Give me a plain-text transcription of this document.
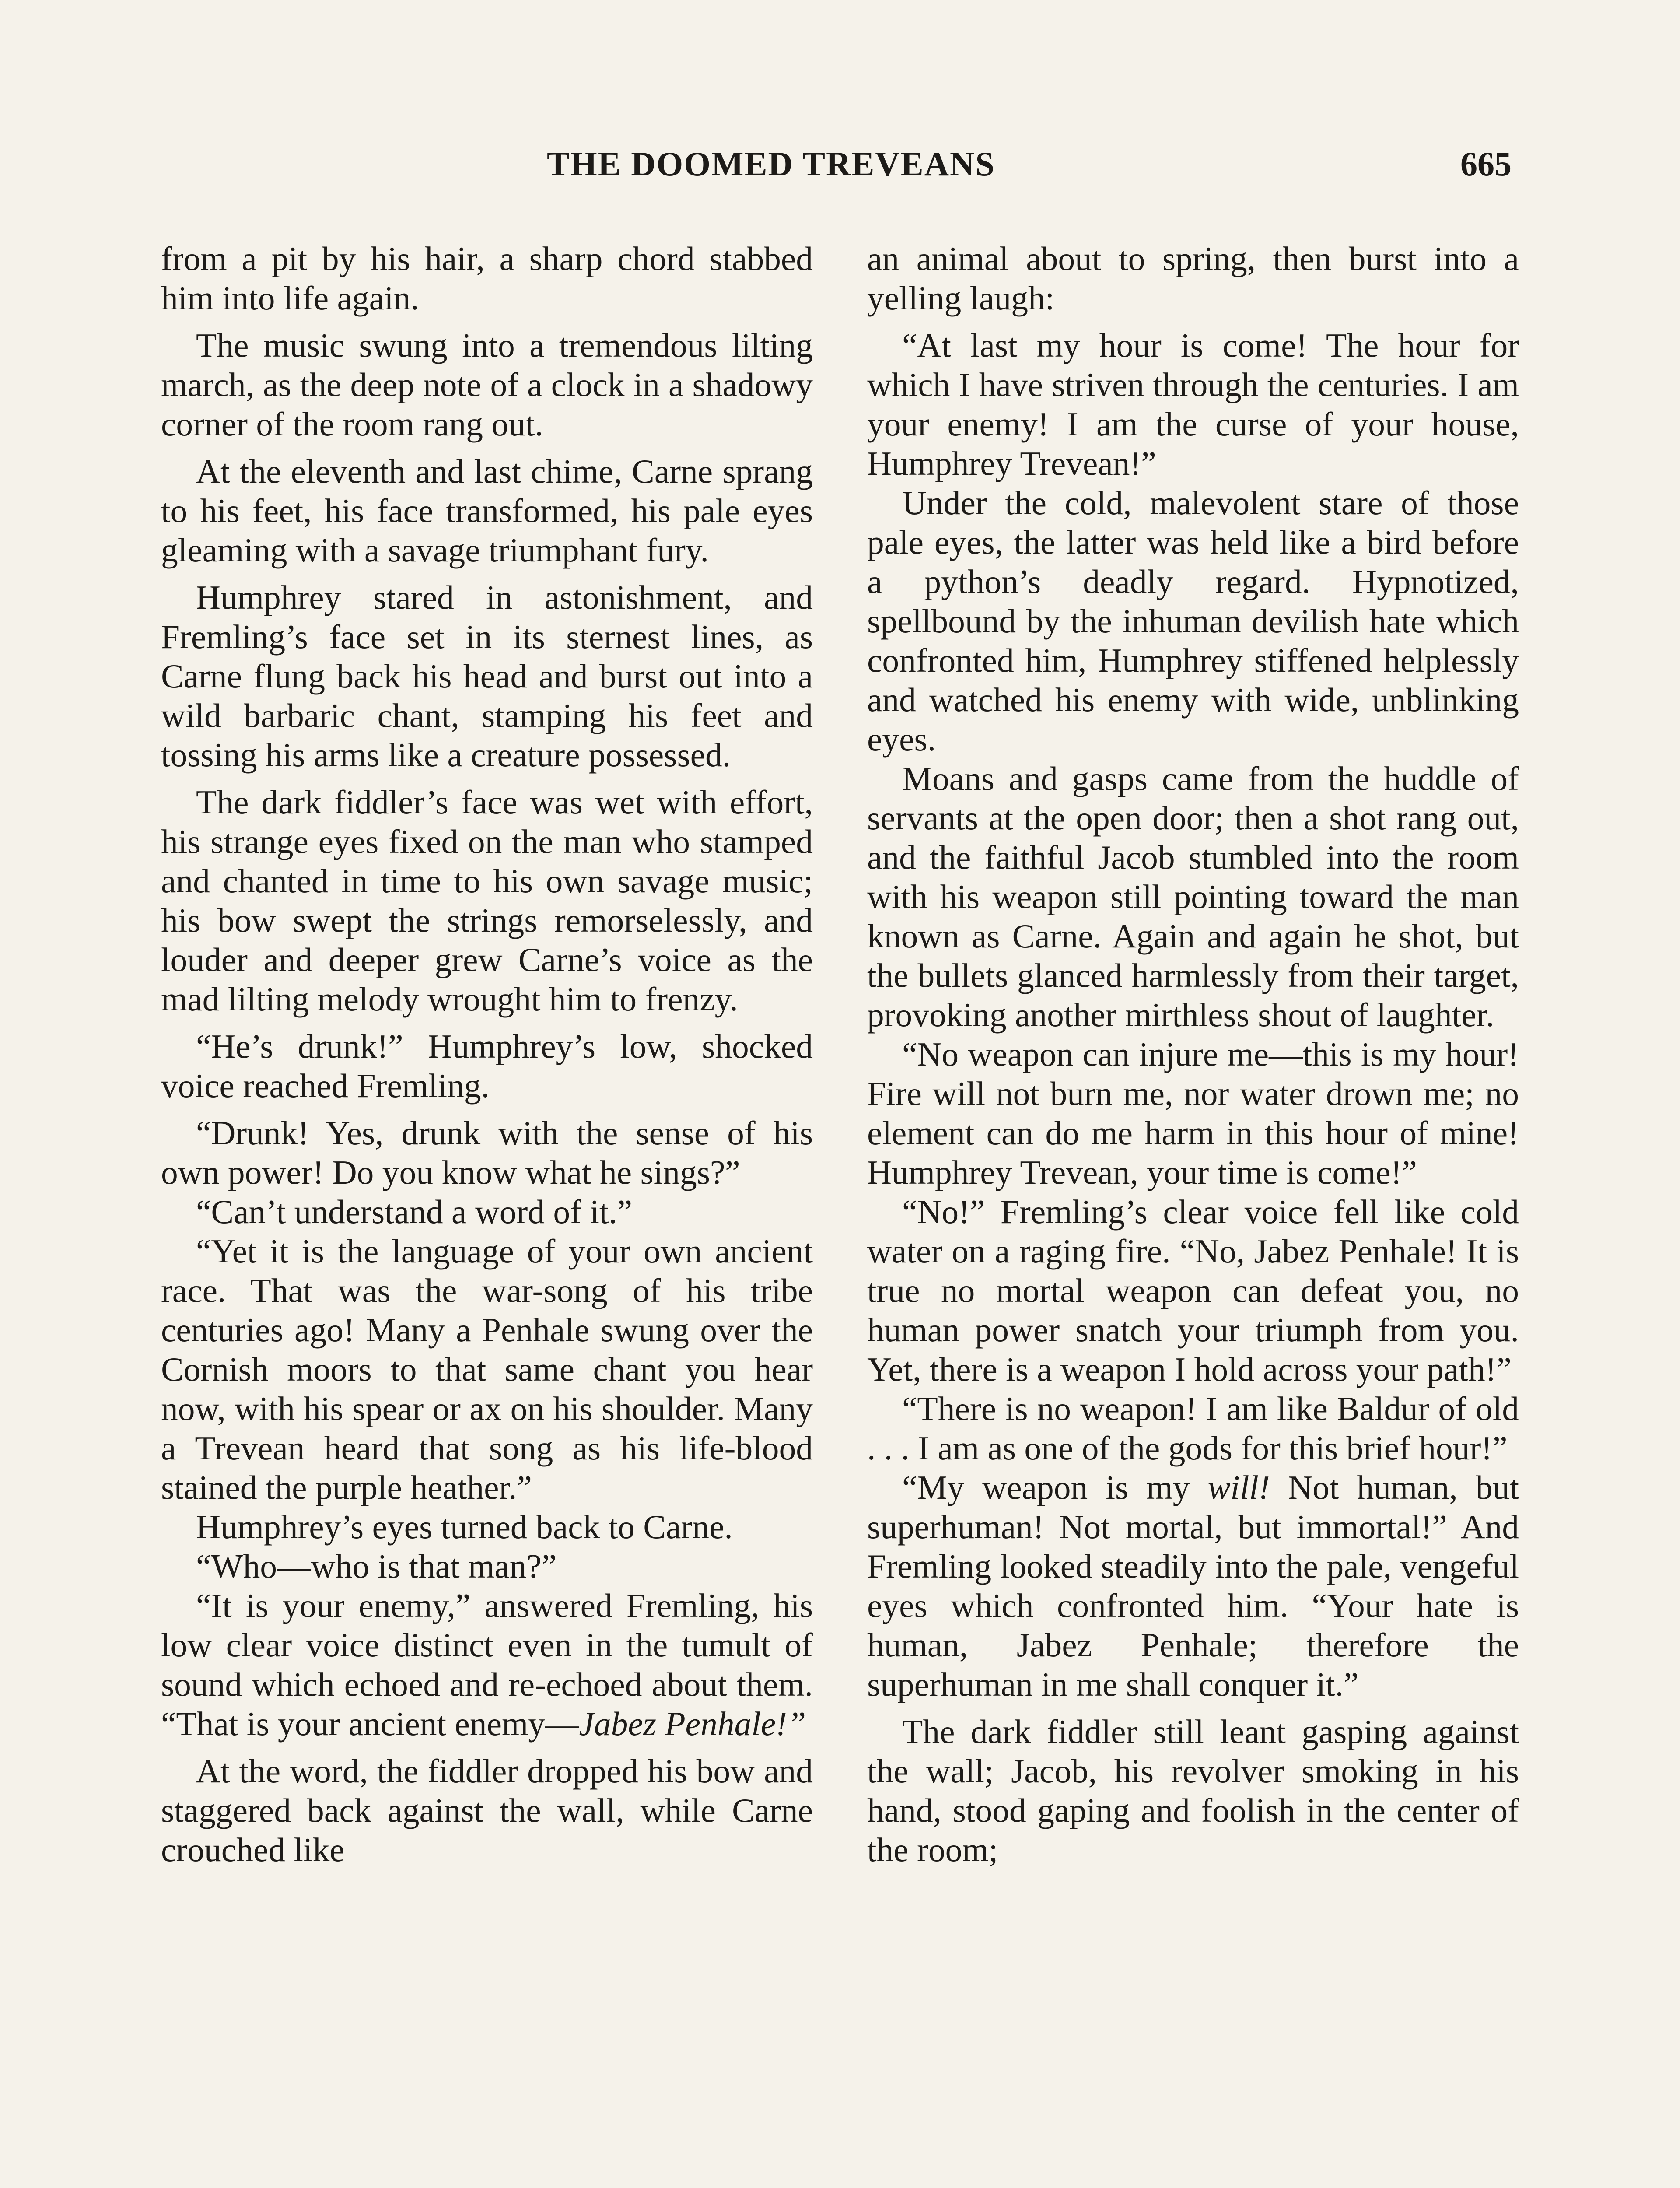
THE DOOMED TREVEANS	665

from a pit by his hair, a sharp chord stabbed him into life again.

The music swung into a tremendous lilting march, as the deep note of a clock in a shadowy corner of the room rang out.

At the eleventh and last chime, Carne sprang to his feet, his face transformed, his pale eyes gleaming with a savage triumphant fury.

Humphrey stared in astonishment, and Fremling’s face set in its sternest lines, as Carne flung back his head and burst out into a wild barbaric chant, stamping his feet and tossing his arms like a creature possessed.

The dark fiddler’s face was wet with effort, his strange eyes fixed on the man who stamped and chanted in time to his own savage music; his bow swept the strings remorselessly, and louder and deeper grew Carne’s voice as the mad lilting melody wrought him to frenzy.

“He’s drunk!” Humphrey’s low, shocked voice reached Fremling.

“Drunk! Yes, drunk with the sense of his own power! Do you know what he sings?”

“Can’t understand a word of it.”

“Yet it is the language of your own ancient race. That was the war-song of his tribe centuries ago! Many a Penhale swung over the Cornish moors to that same chant you hear now, with his spear or ax on his shoulder. Many a Trevean heard that song as his life-blood stained the purple heather.”

Humphrey’s eyes turned back to Carne.

“Who—who is that man?”

“It is your enemy,” answered Fremling, his low clear voice distinct even in the tumult of sound which echoed and re-echoed about them. “That is your ancient enemy—Jabez Penhale!”

At the word, the fiddler dropped his bow and staggered back against the wall, while Carne crouched like

an animal about to spring, then burst into a yelling laugh:

“At last my hour is come! The hour for which I have striven through the centuries. I am your enemy! I am the curse of your house, Humphrey Trevean!”

Under the cold, malevolent stare of those pale eyes, the latter was held like a bird before a python’s deadly regard. Hypnotized, spellbound by the inhuman devilish hate which confronted him, Humphrey stiffened helplessly and watched his enemy with wide, unblinking eyes.

Moans and gasps came from the huddle of servants at the open door; then a shot rang out, and the faithful Jacob stumbled into the room with his weapon still pointing toward the man known as Carne. Again and again he shot, but the bullets glanced harmlessly from their target, provoking another mirthless shout of laughter.

“No weapon can injure me—this is my hour! Fire will not burn me, nor water drown me; no element can do me harm in this hour of mine! Humphrey Trevean, your time is come!”

“No!” Fremling’s clear voice fell like cold water on a raging fire. “No, Jabez Penhale! It is true no mortal weapon can defeat you, no human power snatch your triumph from you. Yet, there is a weapon I hold across your path!”

“There is no weapon! I am like Baldur of old . . . I am as one of the gods for this brief hour!”

“My weapon is my will! Not human, but superhuman! Not mortal, but immortal!” And Fremling looked steadily into the pale, vengeful eyes which confronted him. “Your hate is human, Jabez Penhale; therefore the superhuman in me shall conquer it.”

The dark fiddler still leant gasping against the wall; Jacob, his revolver smoking in his hand, stood gaping and foolish in the center of the room;
